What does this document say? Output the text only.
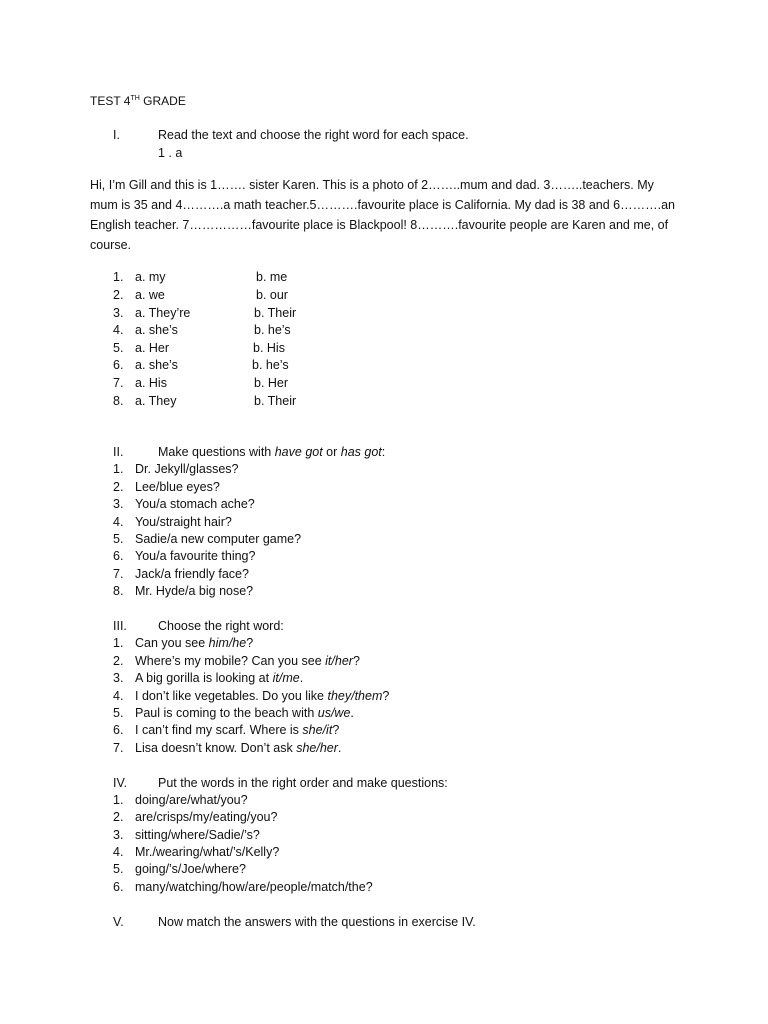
TEST 4TH GRADE
I.	Read the text and choose the right word for each space.
1 . a
Hi, I’m Gill and this is 1……. sister Karen. This is a photo of 2……..mum and dad. 3……..teachers. My mum is 35 and 4……….a math teacher.5……….favourite place is California. My dad is 38 and 6……….an English teacher. 7……………favourite place is Blackpool! 8……….favourite people are Karen and me, of course.
1. a. my	b. me
2. a. we	b. our
3. a. They’re	b. Their
4. a. she’s	b. he’s
5. a. Her	b. His
6. a. she’s	b. he’s
7. a. His	b. Her
8. a. They	b. Their
II.	Make questions with have got or has got:
1. Dr. Jekyll/glasses?
2. Lee/blue eyes?
3. You/a stomach ache?
4. You/straight hair?
5. Sadie/a new computer game?
6. You/a favourite thing?
7. Jack/a friendly face?
8. Mr. Hyde/a big nose?
III. Choose the right word:
1. Can you see him/he?
2. Where’s my mobile? Can you see it/her?
3. A big gorilla is looking at it/me.
4. I don’t like vegetables. Do you like they/them?
5. Paul is coming to the beach with us/we.
6. I can’t find my scarf. Where is she/it?
7. Lisa doesn’t know. Don’t ask she/her.
IV. Put the words in the right order and make questions:
1. doing/are/what/you?
2. are/crisps/my/eating/you?
3. sitting/where/Sadie/’s?
4. Mr./wearing/what/’s/Kelly?
5. going/’s/Joe/where?
6. many/watching/how/are/people/match/the?
V.	Now match the answers with the questions in exercise IV.
